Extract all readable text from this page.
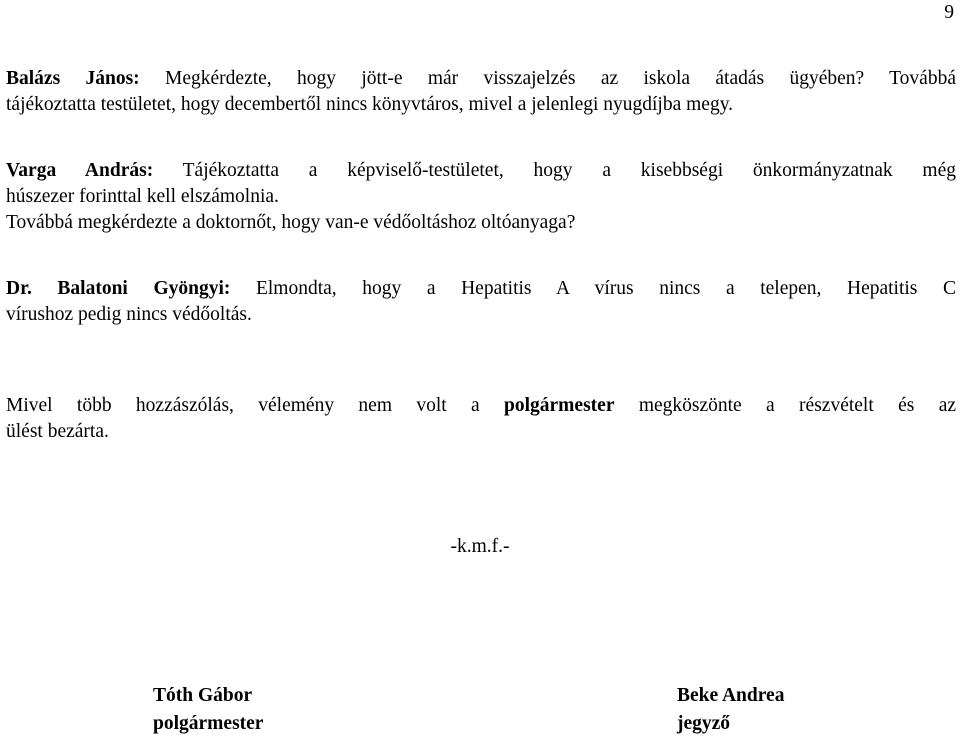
9

Balázs János: Megkérdezte, hogy jött-e már visszajelzés az iskola átadás ügyében? Továbbá
tájékoztatta testületet, hogy decembertől nincs könyvtáros, mivel a jelenlegi nyugdíjba megy.

Varga András: Tájékoztatta a képviselő-testületet, hogy a kisebbségi önkormányzatnak még
húszezer forinttal kell elszámolnia.
Továbbá megkérdezte a doktornőt, hogy van-e védőoltáshoz oltóanyaga?

Dr. Balatoni Gyöngyi: Elmondta, hogy a Hepatitis A vírus nincs a telepen, Hepatitis C
vírushoz pedig nincs védőoltás.

Mivel több hozzászólás, vélemény nem volt a polgármester megköszönte a részvételt és az
ülést bezárta.

-k.m.f.-
Tóth Gábor
polgármester
Beke Andrea
jegyző
